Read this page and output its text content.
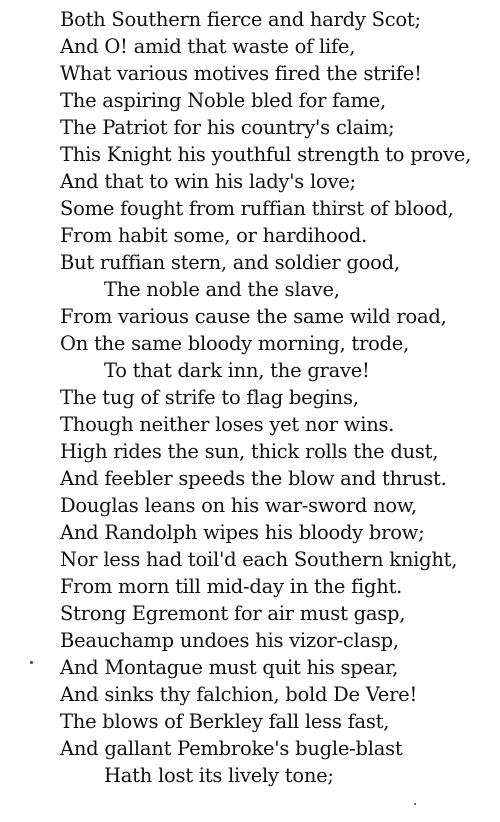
Both Southern fierce and hardy Scot;
And O! amid that waste of life,
What various motives fired the strife!
The aspiring Noble bled for fame,
The Patriot for his country's claim;
This Knight his youthful strength to prove,
And that to win his lady's love;
Some fought from ruffian thirst of blood,
From habit some, or hardihood.
But ruffian stern, and soldier good,
The noble and the slave,
From various cause the same wild road,
On the same bloody morning, trode,
To that dark inn, the grave!
The tug of strife to flag begins,
Though neither loses yet nor wins.
High rides the sun, thick rolls the dust,
And feebler speeds the blow and thrust.
Douglas leans on his war-sword now,
And Randolph wipes his bloody brow;
Nor less had toil'd each Southern knight,
From morn till mid-day in the fight.
Strong Egremont for air must gasp,
Beauchamp undoes his vizor-clasp,
And Montague must quit his spear,
And sinks thy falchion, bold De Vere!
The blows of Berkley fall less fast,
And gallant Pembroke's bugle-blast
Hath lost its lively tone;
